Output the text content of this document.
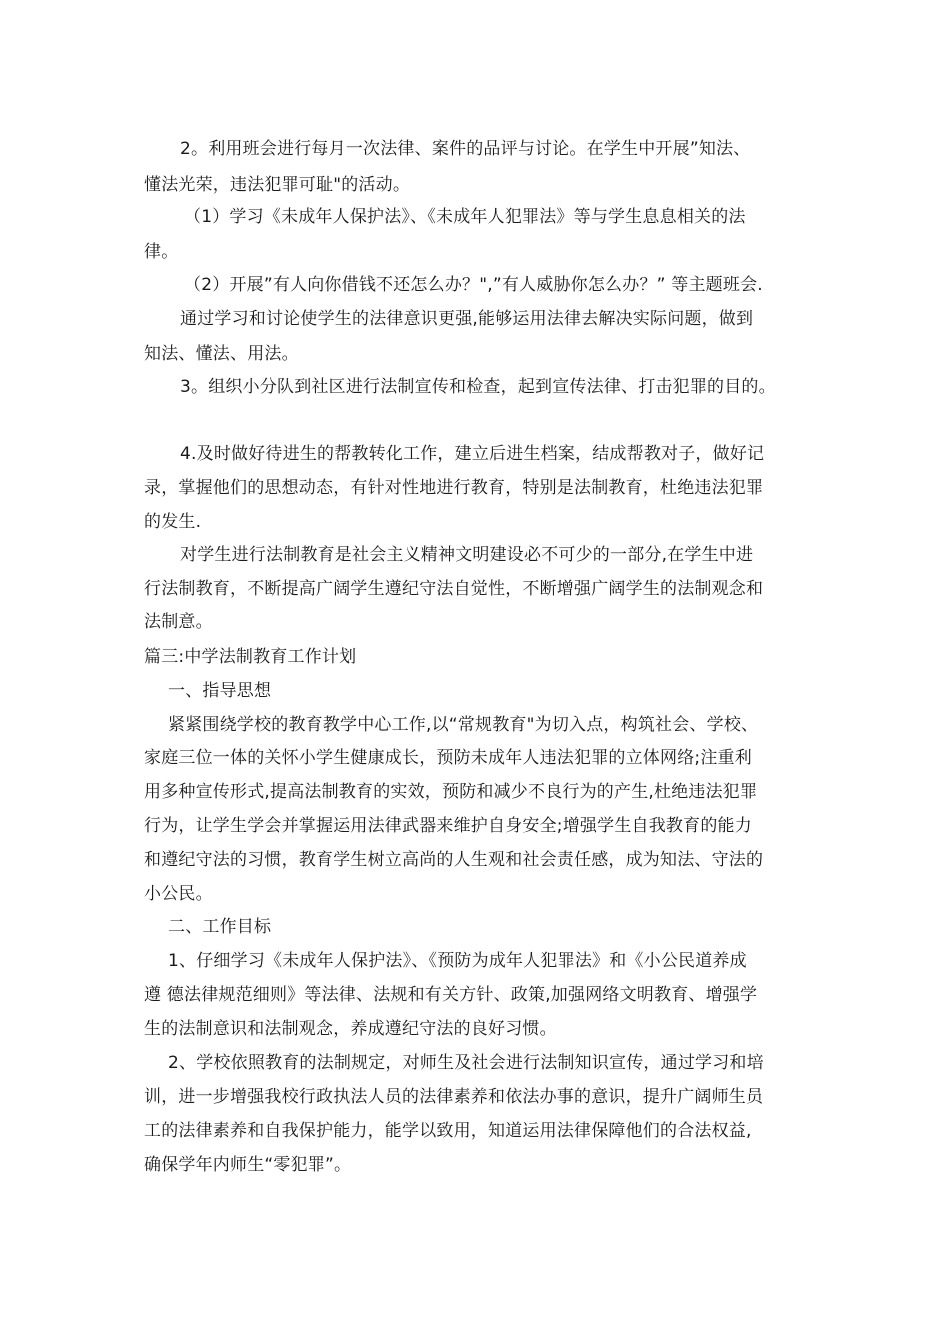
2。利用班会进行每月一次法律、案件的品评与讨论。在学生中开展”知法、
懂法光荣，违法犯罪可耻"的活动。
（1）学习《未成年人保护法》、《未成年人犯罪法》等与学生息息相关的法
律。
（2）开展”有人向你借钱不还怎么办？",”有人威胁你怎么办？” 等主题班会.
通过学习和讨论使学生的法律意识更强,能够运用法律去解决实际问题，做到
知法、懂法、用法。
3。组织小分队到社区进行法制宣传和检查，起到宣传法律、打击犯罪的目的。
4.及时做好待进生的帮教转化工作，建立后进生档案，结成帮教对子，做好记
录，掌握他们的思想动态，有针对性地进行教育，特别是法制教育，杜绝违法犯罪
的发生.
对学生进行法制教育是社会主义精神文明建设必不可少的一部分,在学生中进
行法制教育，不断提高广阔学生遵纪守法自觉性，不断增强广阔学生的法制观念和
法制意。
篇三:中学法制教育工作计划
一、指导思想
紧紧围绕学校的教育教学中心工作,以“常规教育"为切入点，构筑社会、学校、
家庭三位一体的关怀小学生健康成长，预防未成年人违法犯罪的立体网络;注重利
用多种宣传形式,提高法制教育的实效，预防和减少不良行为的产生,杜绝违法犯罪
行为，让学生学会并掌握运用法律武器来维护自身安全;增强学生自我教育的能力
和遵纪守法的习惯，教育学生树立高尚的人生观和社会责任感，成为知法、守法的
小公民。
二、工作目标
1、仔细学习《未成年人保护法》、《预防为成年人犯罪法》和《小公民道养成
遵 德法律规范细则》等法律、法规和有关方针、政策,加强网络文明教育、增强学
生的法制意识和法制观念，养成遵纪守法的良好习惯。
2、学校依照教育的法制规定，对师生及社会进行法制知识宣传，通过学习和培
训，进一步增强我校行政执法人员的法律素养和依法办事的意识，提升广阔师生员
工的法律素养和自我保护能力，能学以致用，知道运用法律保障他们的合法权益,
确保学年内师生“零犯罪”。
